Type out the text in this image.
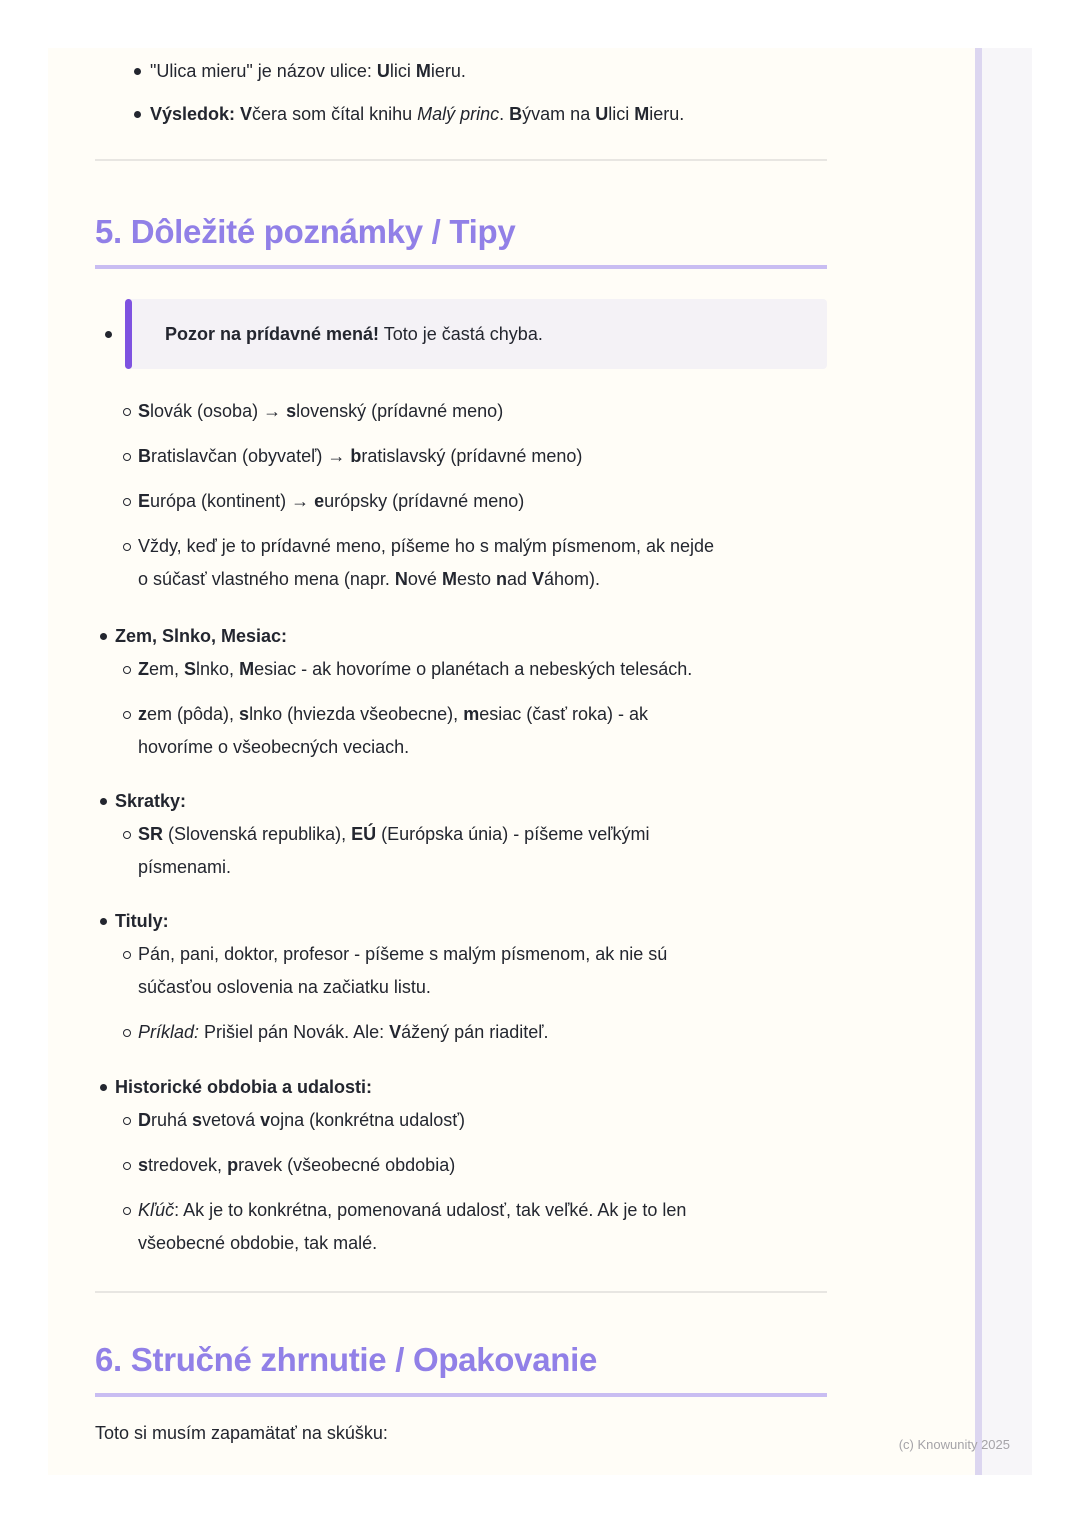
"Ulica mieru" je názov ulice: Ulici Mieru.
Výsledok: Včera som čítal knihu Malý princ. Bývam na Ulici Mieru.
5. Dôležité poznámky / Tipy

Pozor na prídavné mená! Toto je častá chyba.

Slovák (osoba) → slovenský (prídavné meno)
Bratislavčan (obyvateľ) → bratislavský (prídavné meno)
Európa (kontinent) → európsky (prídavné meno)
Vždy, keď je to prídavné meno, píšeme ho s malým písmenom, ak nejde
o súčasť vlastného mena (napr. Nové Mesto nad Váhom).
Zem, Slnko, Mesiac:
Zem, Slnko, Mesiac - ak hovoríme o planétach a nebeských telesách.
zem (pôda), slnko (hviezda všeobecne), mesiac (časť roka) - ak
hovoríme o všeobecných veciach.
Skratky:
SR (Slovenská republika), EÚ (Európska únia) - píšeme veľkými
písmenami.
Tituly:
Pán, pani, doktor, profesor - píšeme s malým písmenom, ak nie sú
súčasťou oslovenia na začiatku listu.
Príklad: Prišiel pán Novák. Ale: Vážený pán riaditeľ.
Historické obdobia a udalosti:
Druhá svetová vojna (konkrétna udalosť)
stredovek, pravek (všeobecné obdobia)
Kľúč: Ak je to konkrétna, pomenovaná udalosť, tak veľké. Ak je to len
všeobecné obdobie, tak malé.
6. Stručné zhrnutie / Opakovanie

Toto si musím zapamätať na skúšku:

(c) Knowunity 2025
